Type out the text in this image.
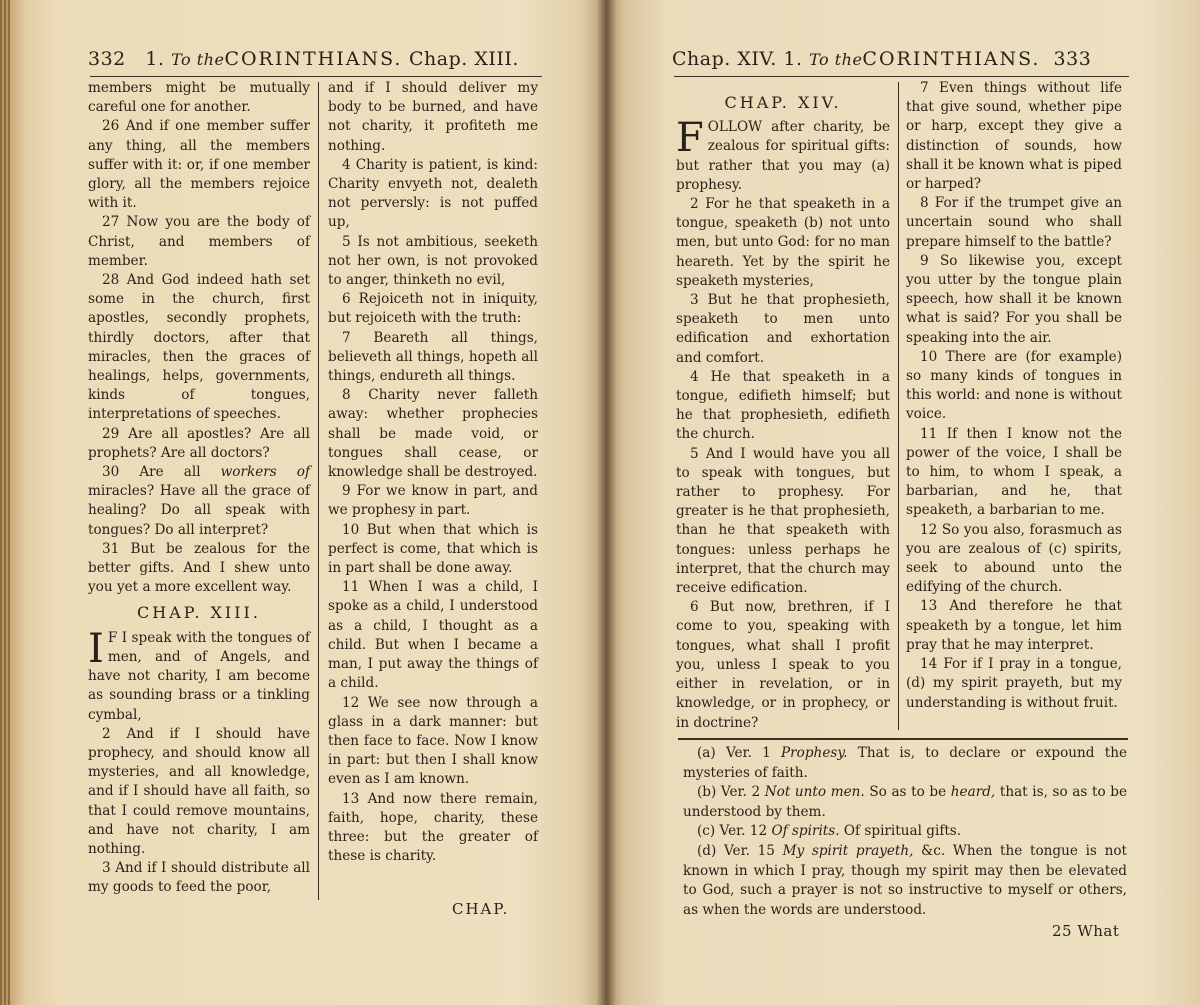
332 1. To theCORINTHIANS. Chap. XIII.

members might be mutually careful one for another.

26 And if one member suffer any thing, all the members suffer with it: or, if one member glory, all the members rejoice with it.

27 Now you are the body of Christ, and members of member.

28 And God indeed hath set some in the church, first apostles, secondly prophets, thirdly doctors, after that miracles, then the graces of healings, helps, governments, kinds of tongues, interpretations of speeches.

29 Are all apostles? Are all prophets? Are all doctors?

30 Are all workers of miracles? Have all the grace of healing? Do all speak with tongues? Do all interpret?

31 But be zealous for the better gifts. And I shew unto you yet a more excellent way.

CHAP. XIII.

I F I speak with the tongues of men, and of Angels, and have not charity, I am become as sounding brass or a tinkling cymbal,

2 And if I should have prophecy, and should know all mysteries, and all knowledge, and if I should have all faith, so that I could remove mountains, and have not charity, I am nothing.

3 And if I should distribute all my goods to feed the poor,

and if I should deliver my body to be burned, and have not charity, it profiteth me nothing.

4 Charity is patient, is kind: Charity envyeth not, dealeth not perversly: is not puffed up,

5 Is not ambitious, seeketh not her own, is not provoked to anger, thinketh no evil,

6 Rejoiceth not in iniquity, but rejoiceth with the truth:

7 Beareth all things, believeth all things, hopeth all things, endureth all things.

8 Charity never falleth away: whether prophecies shall be made void, or tongues shall cease, or knowledge shall be destroyed.

9 For we know in part, and we prophesy in part.

10 But when that which is perfect is come, that which is in part shall be done away.

11 When I was a child, I spoke as a child, I understood as a child, I thought as a child. But when I became a man, I put away the things of a child.

12 We see now through a glass in a dark manner: but then face to face. Now I know in part: but then I shall know even as I am known.

13 And now there remain, faith, hope, charity, these three: but the greater of these is charity.

CHAP.
Chap. XIV. 1. To theCORINTHIANS. 333
CHAP. XIV.

FOLLOW after charity, be zealous for spiritual gifts: but rather that you may (a) prophesy.

2 For he that speaketh in a tongue, speaketh (b) not unto men, but unto God: for no man heareth. Yet by the spirit he speaketh mysteries,

3 But he that prophesieth, speaketh to men unto edification and exhortation and comfort.

4 He that speaketh in a tongue, edifieth himself; but he that prophesieth, edifieth the church.

5 And I would have you all to speak with tongues, but rather to prophesy. For greater is he that prophesieth, than he that speaketh with tongues: unless perhaps he interpret, that the church may receive edification.

6 But now, brethren, if I come to you, speaking with tongues, what shall I profit you, unless I speak to you either in revelation, or in knowledge, or in prophecy, or in doctrine?

7 Even things without life that give sound, whether pipe or harp, except they give a distinction of sounds, how shall it be known what is piped or harped?

8 For if the trumpet give an uncertain sound who shall prepare himself to the battle?

9 So likewise you, except you utter by the tongue plain speech, how shall it be known what is said? For you shall be speaking into the air.

10 There are (for example) so many kinds of tongues in this world: and none is without voice.

11 If then I know not the power of the voice, I shall be to him, to whom I speak, a barbarian, and he, that speaketh, a barbarian to me.

12 So you also, forasmuch as you are zealous of (c) spirits, seek to abound unto the edifying of the church.

13 And therefore he that speaketh by a tongue, let him pray that he may interpret.

14 For if I pray in a tongue, (d) my spirit prayeth, but my understanding is without fruit.

25 What

(a) Ver. 1 Prophesy. That is, to declare or expound the mysteries of faith.

(b) Ver. 2 Not unto men. So as to be heard, that is, so as to be understood by them.

(c) Ver. 12 Of spirits. Of spiritual gifts.

(d) Ver. 15 My spirit prayeth, &c. When the tongue is not known in which I pray, though my spirit may then be elevated to God, such a prayer is not so instructive to myself or others, as when the words are understood.
